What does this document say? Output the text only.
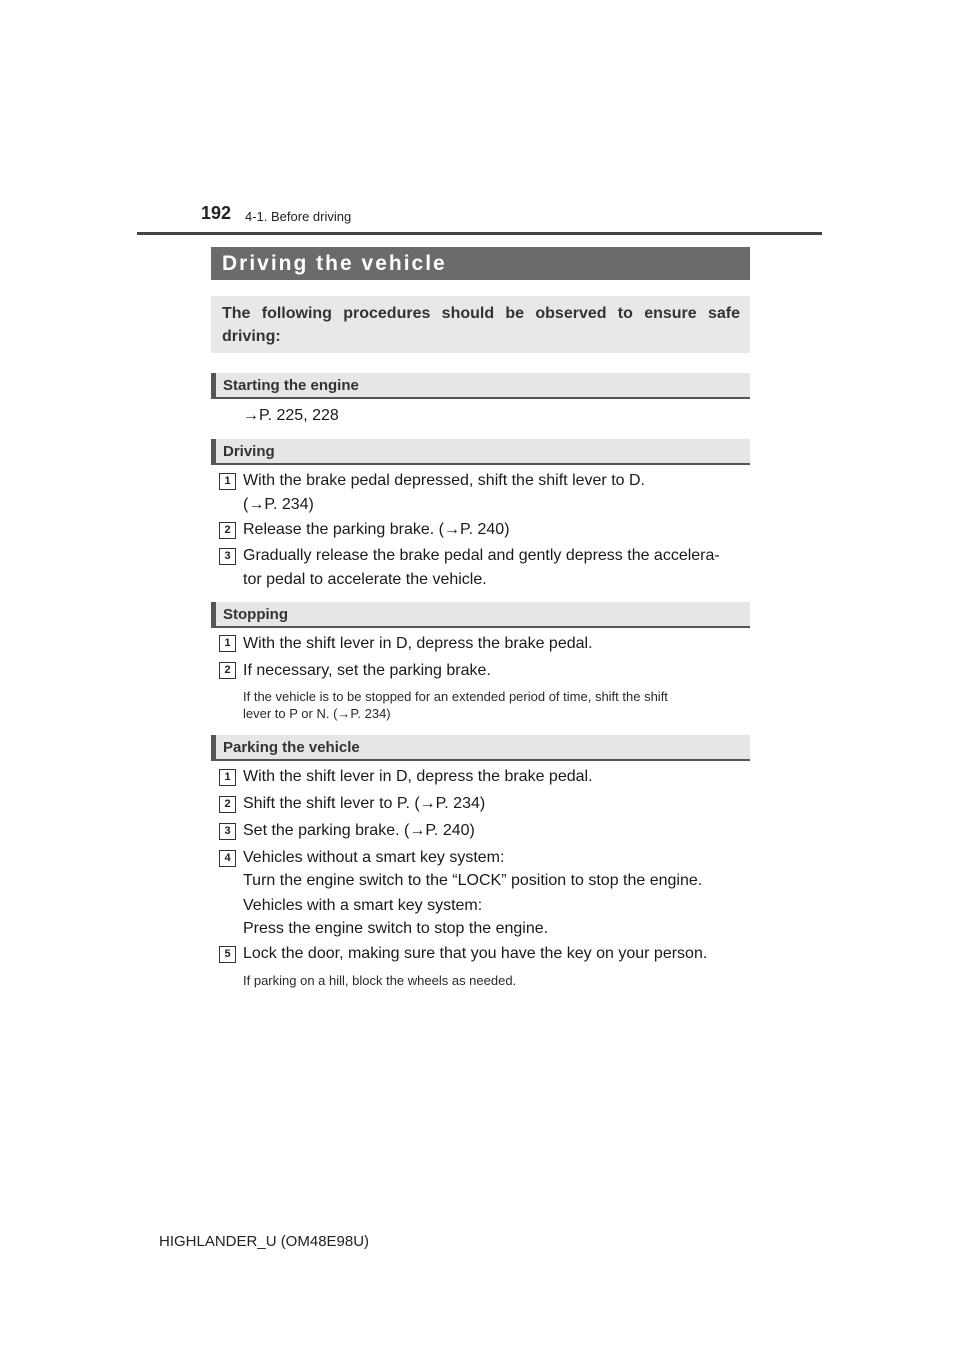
192 4-1. Before driving
Driving the vehicle
The following procedures should be observed to ensure safe driving:
Starting the engine
→P. 225, 228
Driving
1 With the brake pedal depressed, shift the shift lever to D.
(→P. 234)
2 Release the parking brake. (→P. 240)
3 Gradually release the brake pedal and gently depress the accelera-
tor pedal to accelerate the vehicle.
Stopping
1 With the shift lever in D, depress the brake pedal.
2 If necessary, set the parking brake.
If the vehicle is to be stopped for an extended period of time, shift the shift
lever to P or N. (→P. 234)
Parking the vehicle
1 With the shift lever in D, depress the brake pedal.
2 Shift the shift lever to P. (→P. 234)
3 Set the parking brake. (→P. 240)
4 Vehicles without a smart key system:
Turn the engine switch to the “LOCK” position to stop the engine.
Vehicles with a smart key system:
Press the engine switch to stop the engine.
5 Lock the door, making sure that you have the key on your person.
If parking on a hill, block the wheels as needed.
HIGHLANDER_U (OM48E98U)
